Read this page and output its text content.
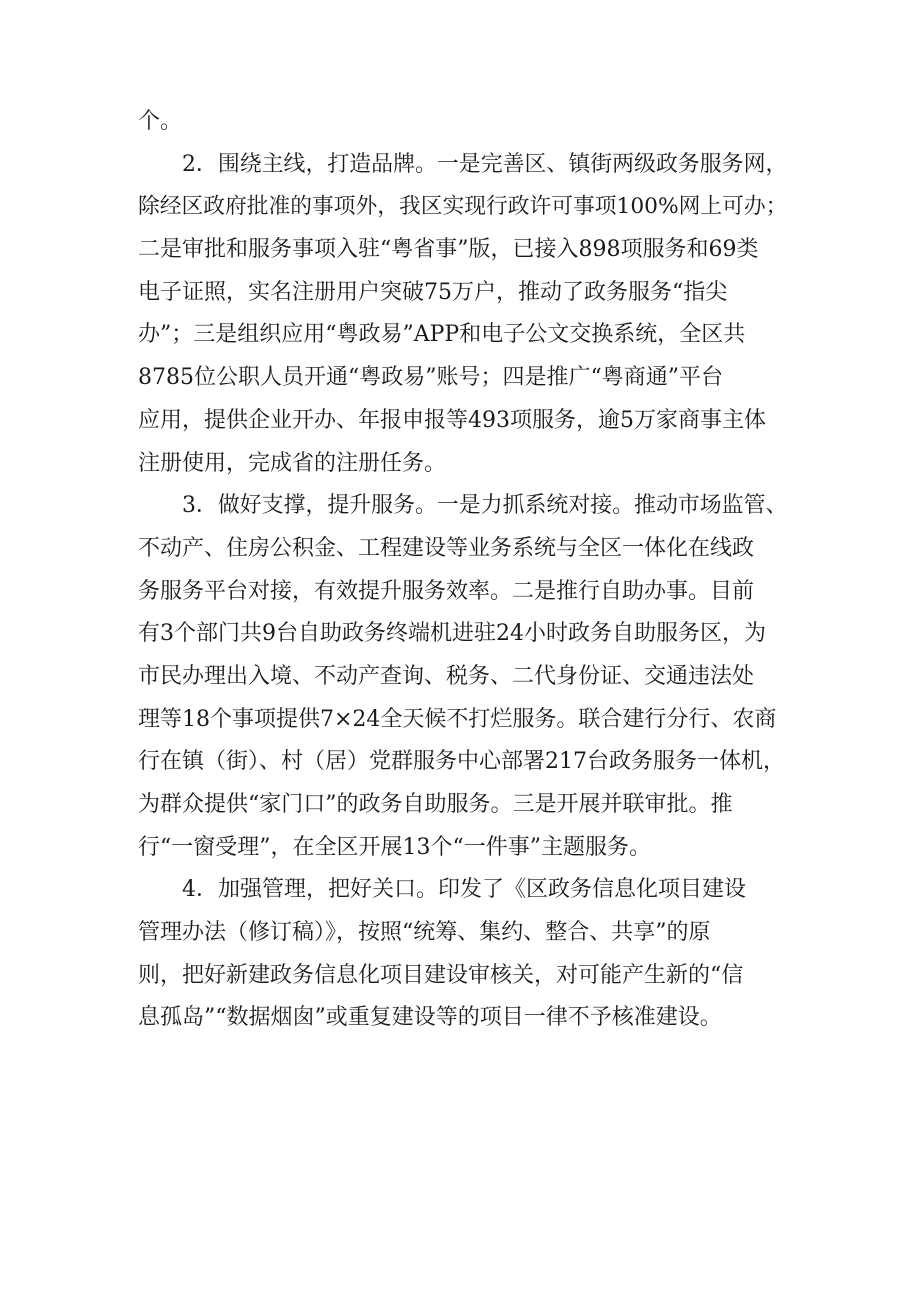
个。
2．围绕主线，打造品牌。一是完善区、镇街两级政务服务网，
除经区政府批准的事项外，我区实现行政许可事项100%网上可办；
二是审批和服务事项入驻“粤省事”版，已接入898项服务和69类
电子证照，实名注册用户突破75万户，推动了政务服务“指尖
办”；三是组织应用“粤政易”APP和电子公文交换系统，全区共
8785位公职人员开通“粤政易”账号；四是推广“粤商通”平台
应用，提供企业开办、年报申报等493项服务，逾5万家商事主体
注册使用，完成省的注册任务。
3．做好支撑，提升服务。一是力抓系统对接。推动市场监管、
不动产、住房公积金、工程建设等业务系统与全区一体化在线政
务服务平台对接，有效提升服务效率。二是推行自助办事。目前
有3个部门共9台自助政务终端机进驻24小时政务自助服务区，为
市民办理出入境、不动产查询、税务、二代身份证、交通违法处
理等18个事项提供7×24全天候不打烂服务。联合建行分行、农商
行在镇（街）、村（居）党群服务中心部署217台政务服务一体机，
为群众提供“家门口”的政务自助服务。三是开展并联审批。推
行“一窗受理”，在全区开展13个“一件事”主题服务。
4．加强管理，把好关口。印发了《区政务信息化项目建设
管理办法（修订稿）》，按照“统筹、集约、整合、共享”的原
则，把好新建政务信息化项目建设审核关，对可能产生新的“信
息孤岛”“数据烟囱”或重复建设等的项目一律不予核准建设。
